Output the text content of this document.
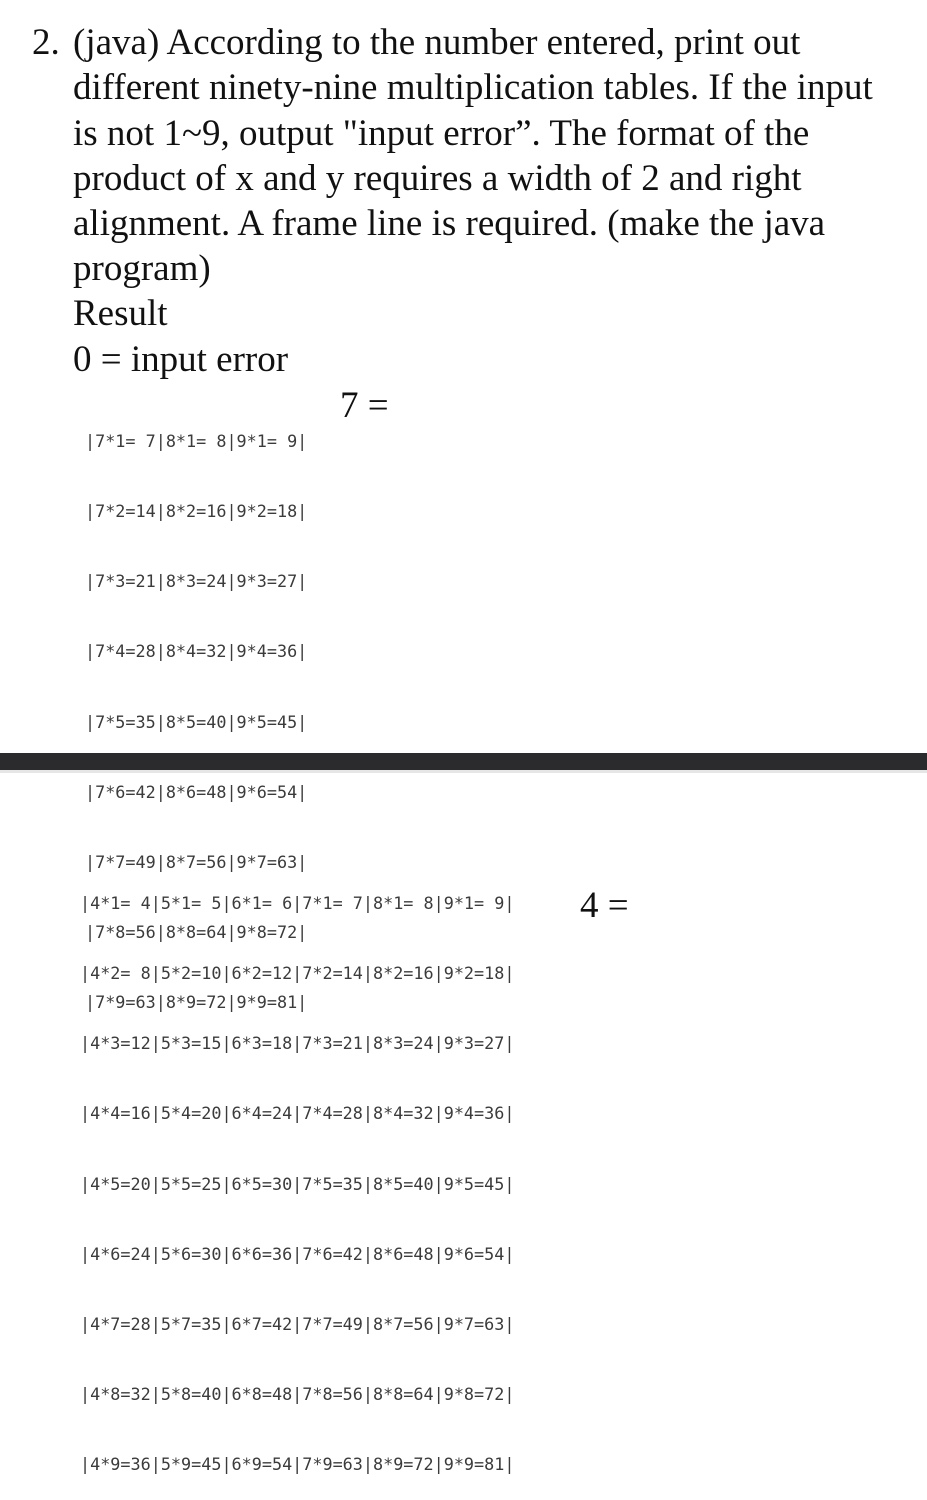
2. (java) According to the number entered, print out
different ninety-nine multiplication tables. If the input
is not 1~9, output "input error”. The format of the
product of x and y requires a width of 2 and right
alignment. A frame line is required. (make the java
program)
Result
0 = input error

|7*1= 7|8*1= 8|9*1= 9|

|7*2=14|8*2=16|9*2=18|

|7*3=21|8*3=24|9*3=27|

|7*4=28|8*4=32|9*4=36|

|7*5=35|8*5=40|9*5=45|

|7*6=42|8*6=48|9*6=54|

|7*7=49|8*7=56|9*7=63|

|7*8=56|8*8=64|9*8=72|

|7*9=63|8*9=72|9*9=81|

7 =

|4*1= 4|5*1= 5|6*1= 6|7*1= 7|8*1= 8|9*1= 9|

|4*2= 8|5*2=10|6*2=12|7*2=14|8*2=16|9*2=18|

|4*3=12|5*3=15|6*3=18|7*3=21|8*3=24|9*3=27|

|4*4=16|5*4=20|6*4=24|7*4=28|8*4=32|9*4=36|

|4*5=20|5*5=25|6*5=30|7*5=35|8*5=40|9*5=45|

|4*6=24|5*6=30|6*6=36|7*6=42|8*6=48|9*6=54|

|4*7=28|5*7=35|6*7=42|7*7=49|8*7=56|9*7=63|

|4*8=32|5*8=40|6*8=48|7*8=56|8*8=64|9*8=72|

|4*9=36|5*9=45|6*9=54|7*9=63|8*9=72|9*9=81|

4 =
